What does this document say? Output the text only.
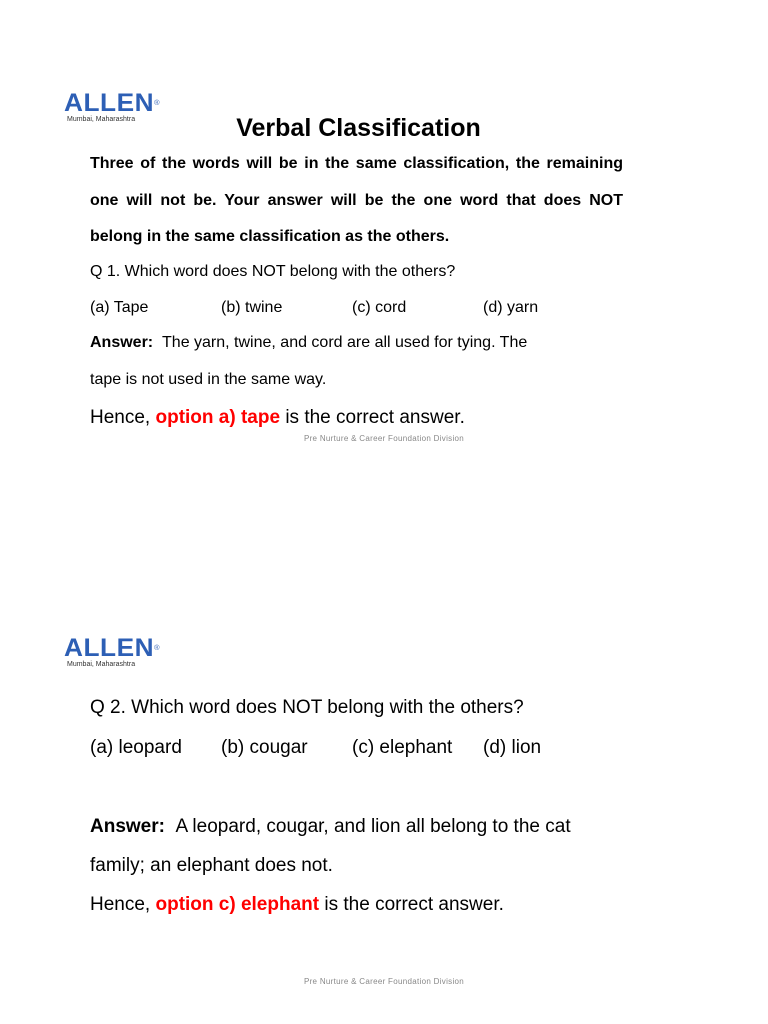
ALLEN®
Mumbai, Maharashtra	Verbal Classification

Three of the words will be in the same classification, the remaining one will not be. Your answer will be the one word that does NOT belong in the same classification as the others.

Q 1. Which word does NOT belong with the others?

(a) Tape	(b) twine	(c) cord	(d) yarn

Answer: The yarn, twine, and cord are all used for tying. The

tape is not used in the same way.

Hence, option a) tape is the correct answer.

Pre Nurture & Career Foundation Division
ALLEN®
Mumbai, Maharashtra

Q 2. Which word does NOT belong with the others?

(a) leopard (b) cougar (c) elephant (d) lion

Answer: A leopard, cougar, and lion all belong to the cat

family; an elephant does not.

Hence, option c) elephant is the correct answer.

Pre Nurture & Career Foundation Division
